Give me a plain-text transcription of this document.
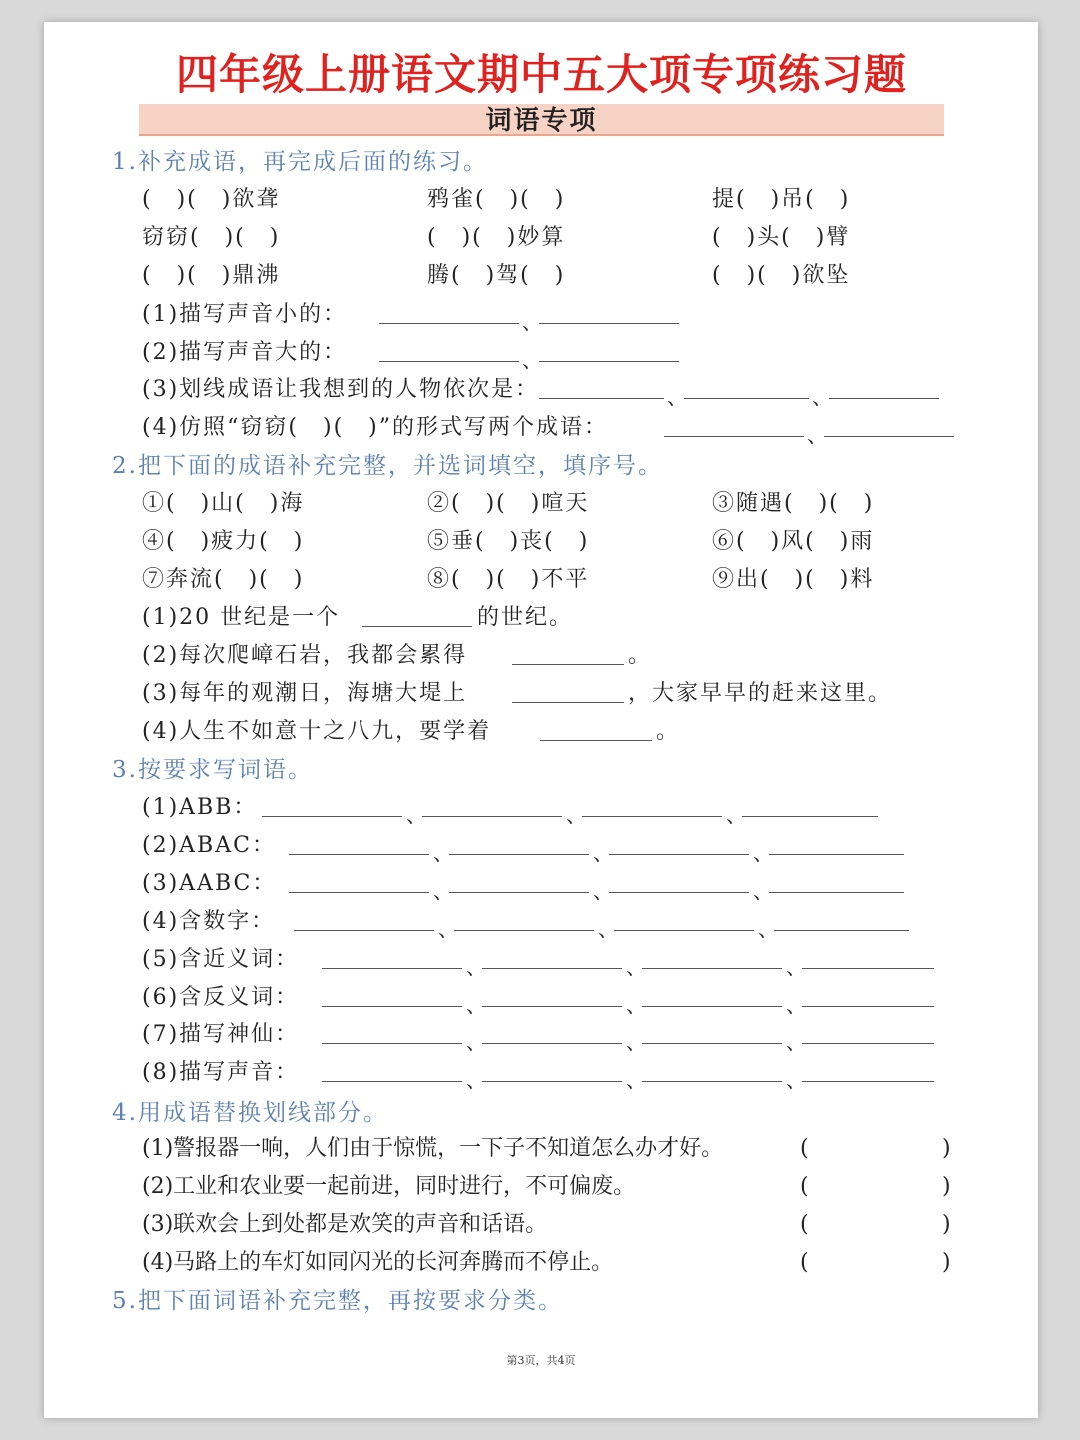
四年级上册语文期中五大项专项练习题
词语专项
1.补充成语，再完成后面的练习。
(　)(　)欲聋	鸦雀(　)(　)	提(　)吊(　)
窃窃(　)(　)	(　)(　)妙算	(　)头(　)臂
(　)(　)鼎沸	腾(　)驾(　)	(　)(　)欲坠
(1)描写声音小的：	、
(2)描写声音大的：	、
(3)划线成语让我想到的人物依次是：	、	、
(4)仿照“窃窃(　)(　)”的形式写两个成语：	、
2.把下面的成语补充完整，并选词填空，填序号。
①(　)山(　)海	②(　)(　)喧天	③随遇(　)(　)
④(　)疲力(　)	⑤垂(　)丧(　)	⑥(　)风(　)雨
⑦奔流(　)(　)	⑧(　)(　)不平	⑨出(　)(　)料
(1)20 世纪是一个	的世纪。
(2)每次爬嶂石岩，我都会累得	。
(3)每年的观潮日，海塘大堤上	，大家早早的赶来这里。
(4)人生不如意十之八九，要学着	。
3.按要求写词语。
(1)ABB：	、	、	、
(2)ABAC：	、	、	、
(3)AABC：	、	、	、
(4)含数字：	、	、	、
(5)含近义词：	、	、	、
(6)含反义词：	、	、	、
(7)描写神仙：	、	、	、
(8)描写声音：	、	、	、
4.用成语替换划线部分。
(1)警报器一响，人们由于惊慌，一下子不知道怎么办才好。	(	)
(2)工业和农业要一起前进，同时进行，不可偏废。	(	)
(3)联欢会上到处都是欢笑的声音和话语。	(	)
(4)马路上的车灯如同闪光的长河奔腾而不停止。	(	)
5.把下面词语补充完整，再按要求分类。
第3页，共4页
